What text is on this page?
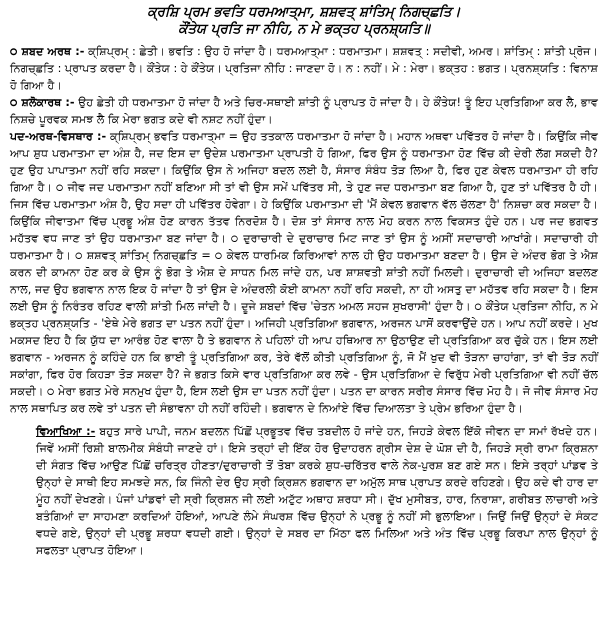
ਕ੍ਰਸ਼ਿ ਪ੍ਰਮ ਭਵਤਿ ਧਰਮਆਤ੍ਮਾ, ਸ਼ਸ਼ਵਤ੍ ਸ਼ਾਂਤਿਮ੍ ਨਿਗਚ੍ਛਤਿ।

ਕੌਂਤੇਯ ਪ੍ਰਤਿ ਜਾ ਨੀਹਿ, ਨ ਮੇ ਭਕ੍ਤਹ ਪ੍ਰਨਸ਼੍ਯਤਿ॥

੦ ਸ਼ਬਦ ਅਰਥ :- ਕ੍ਸ਼ਿਪ੍ਰਮ੍ : ਛੇਤੀ। ਭਵਤਿ : ਉਹ ਹੋ ਜਾਂਦਾ ਹੈ। ਧਰਮਆਤ੍ਮਾ : ਧਰਮਾਤਮਾ। ਸ਼ਸ਼ਵਤ੍ : ਸਦੀਵੀ, ਅਮਰ। ਸ਼ਾਂਤਿਮ੍ : ਸ਼ਾਂਤੀ ਪ੍ਰੋਜ। ਨਿਗਚ੍ਛਤਿ : ਪ੍ਰਾਪਤ ਕਰਦਾ ਹੈ। ਕੌਂਤੇਯ : ਹੇ ਕੌਂਤੇਯ। ਪ੍ਰਤਿਜਾ ਨੀਹਿ : ਜਾਣਦਾ ਹੋ। ਨ : ਨਹੀਂ। ਮੇ : ਮੇਰਾ। ਭਕ੍ਤਹ : ਭਗਤ। ਪ੍ਰਨਸ਼੍ਯਤਿ : ਵਿਨਾਸ਼ ਹੋ ਗਿਆ ਹੈ।

੦ ਸ਼ਲੋਕਾਰਥ :- ਉਹ ਛੇਤੀ ਹੀ ਧਰਮਾਤਮਾ ਹੋ ਜਾਂਦਾ ਹੈ ਅਤੇ ਚਿਰ-ਸਥਾਈ ਸ਼ਾਂਤੀ ਨੂੰ ਪ੍ਰਾਪਤ ਹੋ ਜਾਂਦਾ ਹੈ। ਹੇ ਕੌਂਤੇਯ! ਤੂੰ ਇਹ ਪ੍ਰਤਿਗਿਆ ਕਰ ਲੈ, ਭਾਵ ਨਿਸ਼ਚੇ ਪੂਰਵਕ ਸਮਝ ਲੈ ਕਿ ਮੇਰਾ ਭਗਤ ਕਦੇ ਵੀ ਨਸ਼ਟ ਨਹੀਂ ਹੁੰਦਾ।

ਪਦ-ਅਰਥ-ਵਿਸਥਾਰ :- ਕ੍ਸ਼ਿਪ੍ਰਮ੍ ਭਵਤਿ ਧਰਮਾਤ੍ਮਾ = ਉਹ ਤਤਕਾਲ ਧਰਮਾਤਮਾ ਹੋ ਜਾਂਦਾ ਹੈ। ਮਹਾਨ ਅਥਵਾ ਪਵਿੱਤਰ ਹੋ ਜਾਂਦਾ ਹੈ। ਕਿਉਂਕਿ ਜੀਵ ਆਪ ਸ਼ੁਧ ਪਰਮਾਤਮਾ ਦਾ ਅੰਸ਼ ਹੈ, ਜਦ ਇਸ ਦਾ ਉਦੇਸ਼ ਪਰਮਾਤਮਾ ਪ੍ਰਾਪਤੀ ਹੋ ਗਿਆ, ਫਿਰ ਉਸ ਨੂੰ ਧਰਮਾਤਮਾ ਹੋਣ ਵਿੱਚ ਕੀ ਦੇਰੀ ਲੱਗ ਸਕਦੀ ਹੈ? ਹੁਣ ਉਹ ਪਾਪਾਤਮਾ ਨਹੀਂ ਰਹਿ ਸਕਦਾ। ਕਿਉਂਕਿ ਉਸ ਨੇ ਅਜਿਹਾ ਬਦਲ ਲਈ ਹੈ, ਸੰਸਾਰ ਸੰਬੰਧ ਤੋੜ ਲਿਆ ਹੈ, ਫਿਰ ਹੁਣ ਕੇਵਲ ਧਰਮਾਤਮਾ ਹੀ ਰਹਿ ਗਿਆ ਹੈ। ੦ ਜੀਵ ਜਦ ਪਰਮਾਤਮਾ ਨਹੀਂ ਬਣਿਆ ਸੀ ਤਾਂ ਵੀ ਉਸ ਸਮੇਂ ਪਵਿੱਤਰ ਸੀ, ਤੇ ਹੁਣ ਜਦ ਧਰਮਾਤਮਾ ਬਣ ਗਿਆ ਹੈ, ਹੁਣ ਤਾਂ ਪਵਿੱਤਰ ਹੈ ਹੀ। ਜਿਸ ਵਿੱਚ ਪਰਮਾਤਮਾ ਅੰਸ਼ ਹੈ, ਉਹ ਸਦਾ ਹੀ ਪਵਿੱਤਰ ਹੋਵੇਗਾ। ਹੇ ਕਿਉਂਕਿ ਪਰਮਾਤਮਾ ਦੀ 'ਮੈਂ ਕੇਵਲ ਭਗਵਾਨ ਵੱਲ ਚੱਲਣਾ ਹੈ' ਨਿਸ਼ਚਾ ਕਰ ਸਕਦਾ ਹੈ। ਕਿਉਂਕਿ ਜੀਵਾਤਮਾ ਵਿੱਚ ਪ੍ਰਭੂ ਅੰਸ਼ ਹੋਣ ਕਾਰਨ ਤੱਤਵ ਨਿਰਦੋਸ਼ ਹੈ। ਦੋਸ਼ ਤਾਂ ਸੰਸਾਰ ਨਾਲ ਮੋਹ ਕਰਨ ਨਾਲ ਵਿਕਸਤ ਹੁੰਦੇ ਹਨ। ਪਰ ਜਦ ਭਗਵਤ ਮਹੱਤਵ ਵਧ ਜਾਣ ਤਾਂ ਉਹ ਧਰਮਾਤਮਾ ਬਣ ਜਾਂਦਾ ਹੈ। ੦ ਦੁਰਾਚਾਰੀ ਦੇ ਦੁਰਾਚਾਰ ਮਿਟ ਜਾਣ ਤਾਂ ਉਸ ਨੂੰ ਅਸੀਂ ਸਦਾਚਾਰੀ ਆਖਾਂਗੇ। ਸਦਾਚਾਰੀ ਹੀ ਧਰਮਾਤਮਾ ਹੈ। ੦ ਸ਼ਸ਼ਵਤ੍ ਸ਼ਾਂਤਿਮ੍ ਨਿਗਚ੍ਛਤਿ = ੦ ਕੇਵਲ ਧਾਰਮਿਕ ਕਿਰਿਆਵਾਂ ਨਾਲ ਹੀ ਉਹ ਧਰਮਾਤਮਾ ਬਣਦਾ ਹੈ। ਉਸ ਦੇ ਅੰਦਰ ਭੋਗ ਤੇ ਐਸ਼ ਕਰਨ ਦੀ ਕਾਮਨਾ ਹੋਣ ਕਰ ਕੇ ਉਸ ਨੂੰ ਭੋਗ ਤੇ ਐਸ਼ ਦੇ ਸਾਧਨ ਮਿਲ ਜਾਂਦੇ ਹਨ, ਪਰ ਸ਼ਾਸ਼ਵਤੀ ਸ਼ਾਂਤੀ ਨਹੀਂ ਮਿਲਦੀ। ਦੁਰਾਚਾਰੀ ਦੀ ਅਜਿਹਾ ਬਦਲਣ ਨਾਲ, ਜਦ ਉਹ ਭਗਵਾਨ ਨਾਲ ਇਕ ਹੋ ਜਾਂਦਾ ਹੈ ਤਾਂ ਉਸ ਦੇ ਅੰਦਰਲੀ ਕੋਈ ਕਾਮਨਾ ਨਹੀਂ ਰਹਿ ਸਕਦੀ, ਨਾ ਹੀ ਅਸਤੁ ਦਾ ਮਹੱਤਵ ਰਹਿ ਸਕਦਾ ਹੈ। ਇਸ ਲਈ ਉਸ ਨੂੰ ਨਿਰੰਤਰ ਰਹਿਣ ਵਾਲੀ ਸ਼ਾਂਤੀ ਮਿਲ ਜਾਂਦੀ ਹੈ। ਦੂਜੇ ਸ਼ਬਦਾਂ ਵਿੱਚ 'ਚੇਤਨ ਅਮਲ ਸਹਜ ਸੁਖਰਾਸੀ' ਹੁੰਦਾ ਹੈ। ੦ ਕੌਂਤੇਯ ਪ੍ਰਤਿਜਾ ਨੀਹਿ, ਨ ਮੇ ਭਕ੍ਤਹ ਪ੍ਰਨਸ਼੍ਯਤਿ - 'ਏਥੇ ਮੇਰੇ ਭਗਤ ਦਾ ਪਤਨ ਨਹੀਂ ਹੁੰਦਾ। ਅਜਿਹੀ ਪ੍ਰਤਿਗਿਆ ਭਗਵਾਨ, ਅਰਜਨ ਪਾਸੋਂ ਕਰਵਾਉਂਦੇ ਹਨ। ਆਪ ਨਹੀਂ ਕਰਦੇ। ਮੁਖ ਮਕਸਦ ਇਹ ਹੈ ਕਿ ਯੁੱਧ ਦਾ ਆਰੰਭ ਹੋਣ ਵਾਲਾ ਹੈ ਤੇ ਭਗਵਾਨ ਨੇ ਪਹਿਲਾਂ ਹੀ ਆਪ ਹਥਿਆਰ ਨਾ ਉਠਾਉਣ ਦੀ ਪ੍ਰਤਿਗਿਆ ਕਰ ਚੁੱਕੇ ਹਨ। ਇਸ ਲਈ ਭਗਵਾਨ - ਅਰਜਨ ਨੂੰ ਕਹਿੰਦੇ ਹਨ ਕਿ ਭਾਈ ਤੂੰ ਪ੍ਰਤਿਗਿਆ ਕਰ, ਤੇਰੇ ਵੱਲੋਂ ਕੀਤੀ ਪ੍ਰਤਿਗਿਆ ਨੂੰ, ਜੋ ਮੈਂ ਖੁਦ ਵੀ ਤੋੜਨਾ ਚਾਹਾਂਗਾ, ਤਾਂ ਵੀ ਤੋੜ ਨਹੀਂ ਸਕਾਂਗਾ, ਫਿਰ ਹੋਰ ਕਿਹੜਾ ਤੋੜ ਸਕਦਾ ਹੈ? ਜੇ ਭਗਤ ਕਿਸੇ ਵਾਰ ਪ੍ਰਤਿਗਿਆ ਕਰ ਲਵੇ - ਉਸ ਪ੍ਰਤਿਗਿਆ ਦੇ ਵਿਰੁੱਧ ਮੇਰੀ ਪ੍ਰਤਿਗਿਆ ਵੀ ਨਹੀਂ ਚੱਲ ਸਕਦੀ। ੦ ਮੇਰਾ ਭਗਤ ਮੇਰੇ ਸਨਮੁਖ ਹੁੰਦਾ ਹੈ, ਇਸ ਲਈ ਉਸ ਦਾ ਪਤਨ ਨਹੀਂ ਹੁੰਦਾ। ਪਤਨ ਦਾ ਕਾਰਨ ਸਰੀਰ ਸੰਸਾਰ ਵਿੱਚ ਮੋਹ ਹੈ। ਜੋ ਜੀਵ ਸੰਸਾਰ ਮੋਹ ਨਾਲ ਸਥਾਪਿਤ ਕਰ ਲਵੇ ਤਾਂ ਪਤਨ ਦੀ ਸੰਭਾਵਨਾ ਹੀ ਨਹੀਂ ਰਹਿੰਦੀ। ਭਗਵਾਨ ਦੇ ਨਿਆਂਏ ਵਿੱਚ ਦਿਆਲਤਾ ਤੇ ਪ੍ਰੇਮ ਭਰਿਆ ਹੁੰਦਾ ਹੈ।

ਵਿਆਖਿਆ :- ਬਹੁਤ ਸਾਰੇ ਪਾਪੀ, ਜਨਮ ਬਦਲਨ ਪਿੱਛੋਂ ਪ੍ਰਭੂਤਵ ਵਿੱਚ ਤਬਦੀਲ ਹੋ ਜਾਂਦੇ ਹਨ, ਜਿਹੜੇ ਕੇਵਲ ਇੱਕੋ ਜੀਵਨ ਦਾ ਸਮਾਂ ਰੱਖਦੇ ਹਨ। ਜਿਵੇਂ ਅਸੀਂ ਰਿਸ਼ੀ ਬਾਲਮੀਕ ਸੰਬੰਧੀ ਜਾਣਦੇ ਹਾਂ। ਇਸੇ ਤਰ੍ਹਾਂ ਦੀ ਇੱਕ ਹੋਰ ਉਦਾਹਰਨ ਗ੍ਰੀਸ ਦੇਸ਼ ਦੇ ਘੋਸ਼ ਦੀ ਹੈ, ਜਿਹੜੇ ਸ੍ਰੀ ਰਾਮਾ ਕ੍ਰਿਸ਼ਨਾ ਦੀ ਸੰਗਤ ਵਿੱਚ ਆਉਣ ਪਿੱਛੋਂ ਚਰਿਤ੍ਰ ਹੀਣਤਾ/ਦੁਰਾਚਾਰੀ ਤੋਂ ਤੋਬਾ ਕਰਕੇ ਸ਼ੁਧ-ਚਰਿੱਤਰ ਵਾਲੇ ਨੇਕ-ਪੁਰਸ਼ ਬਣ ਗਏ ਸਨ। ਇਸੇ ਤਰ੍ਹਾਂ ਪਾਂਡਵ ਤੇ ਉਨ੍ਹਾਂ ਦੇ ਸਾਥੀ ਇਹ ਸਮਝਦੇ ਸਨ, ਕਿ ਜਿੰਨੀ ਦੇਰ ਉਹ ਸ੍ਰੀ ਕ੍ਰਿਸ਼ਨ ਭਗਵਾਨ ਦਾ ਅਮੁੱਲ ਸਾਥ ਪ੍ਰਾਪਤ ਕਰਦੇ ਰਹਿਣਗੇ। ਉਹ ਕਦੇ ਵੀ ਹਾਰ ਦਾ ਮੂੰਹ ਨਹੀਂ ਦੇਖਣਗੇ। ਪੰਜਾਂ ਪਾਂਡਵਾਂ ਦੀ ਸ੍ਰੀ ਕ੍ਰਿਸ਼ਨ ਜੀ ਲਈ ਅਟੁੱਟ ਅਥਾਹ ਸ਼ਰਧਾ ਸੀ। ਦੁੱਖ ਮੁਸੀਬਤ, ਹਾਰ, ਨਿਰਾਸ਼ਾ, ਗਰੀਬਤ ਲਾਚਾਰੀ ਅਤੇ ਬਤੰਗਿਆਂ ਦਾ ਸਾਹਮਣਾ ਕਰਦਿਆਂ ਹੋਇਆਂ, ਆਪਣੇ ਲੰਮੇ ਸੰਘਰਸ਼ ਵਿੱਚ ਉਨ੍ਹਾਂ ਨੇ ਪ੍ਰਭੂ ਨੂੰ ਨਹੀਂ ਸੀ ਭੁਲਾਇਆ। ਜਿਉਂ ਜਿਉਂ ਉਨ੍ਹਾਂ ਦੇ ਸੰਕਟ ਵਧਦੇ ਗਏ, ਉਨ੍ਹਾਂ ਦੀ ਪ੍ਰਭੂ ਸ਼ਰਧਾ ਵਧਦੀ ਗਈ। ਉਨ੍ਹਾਂ ਦੇ ਸਬਰ ਦਾ ਮਿੱਠਾ ਫਲ ਮਿਲਿਆ ਅਤੇ ਅੰਤ ਵਿੱਚ ਪ੍ਰਭੂ ਕਿਰਪਾ ਨਾਲ ਉਨ੍ਹਾਂ ਨੂੰ ਸਫਲਤਾ ਪ੍ਰਾਪਤ ਹੋਇਆ।
